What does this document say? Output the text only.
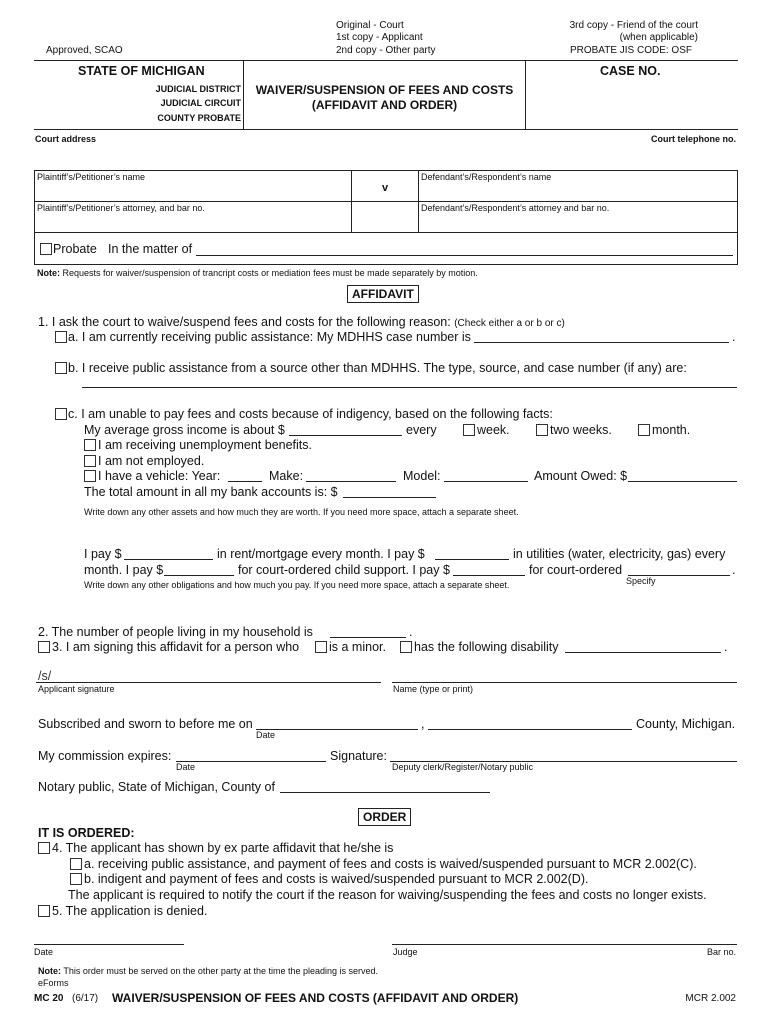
Approved, SCAO
Original - Court
1st copy - Applicant
2nd copy - Other party
3rd copy - Friend of the court
(when applicable)
PROBATE JIS CODE: OSF
STATE OF MICHIGAN
JUDICIAL DISTRICT
JUDICIAL CIRCUIT
COUNTY PROBATE
WAIVER/SUSPENSION OF FEES AND COSTS
(AFFIDAVIT AND ORDER)
CASE NO.
Court address	Court telephone no.
Plaintiff’s/Petitioner’s name
v
Defendant’s/Respondent’s name
Plaintiff’s/Petitioner’s attorney, and bar no.	Defendant’s/Respondent’s attorney and bar no.
Probate In the matter of
Note: Requests for waiver/suspension of trancript costs or mediation fees must be made separately by motion.
AFFIDAVIT
1. I ask the court to waive/suspend fees and costs for the following reason: (Check either a or b or c)
a. I am currently receiving public assistance: My MDHHS case number is	.
b. I receive public assistance from a source other than MDHHS. The type, source, and case number (if any) are:
c. I am unable to pay fees and costs because of indigency, based on the following facts:
My average gross income is about $	every	week.	two weeks.	month.
I am receiving unemployment benefits.
I am not employed.
I have a vehicle: Year:	Make:	Model:	Amount Owed: $
The total amount in all my bank accounts is: $
Write down any other assets and how much they are worth. If you need more space, attach a separate sheet.
I pay $	in rent/mortgage every month. I pay $	in utilities (water, electricity, gas) every
month. I pay $	for court-ordered child support. I pay $	for court-ordered	.
Specify
Write down any other obligations and how much you pay. If you need more space, attach a separate sheet.
2. The number of people living in my household is	.
3. I am signing this affidavit for a person who is a minor. has the following disability	.
/s/
Applicant signature	Name (type or print)
Subscribed and sworn to before me on	,	County, Michigan.
Date
My commission expires:	Signature:
Date	Deputy clerk/Register/Notary public
Notary public, State of Michigan, County of
ORDER
IT IS ORDERED:
4. The applicant has shown by ex parte affidavit that he/she is
a. receiving public assistance, and payment of fees and costs is waived/suspended pursuant to MCR 2.002(C).
b. indigent and payment of fees and costs is waived/suspended pursuant to MCR 2.002(D).
The applicant is required to notify the court if the reason for waiving/suspending the fees and costs no longer exists.
5. The application is denied.
Date	Judge	Bar no.
Note: This order must be served on the other party at the time the pleading is served.
eForms
MC 20 (6/17) WAIVER/SUSPENSION OF FEES AND COSTS (AFFIDAVIT AND ORDER)	MCR 2.002
